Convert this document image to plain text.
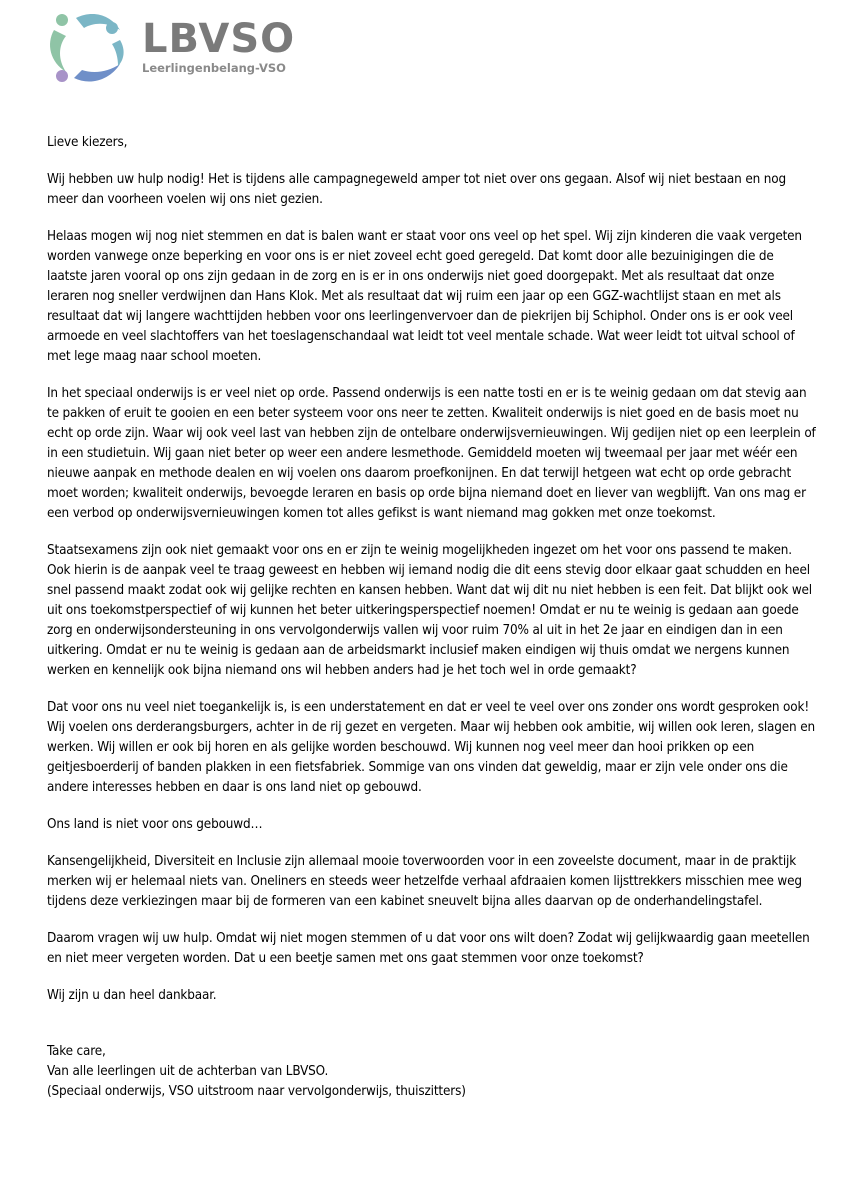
LBVSO
Leerlingenbelang-VSO

Lieve kiezers,

Wij hebben uw hulp nodig! Het is tijdens alle campagnegeweld amper tot niet over ons gegaan. Alsof wij niet bestaan en nog meer dan voorheen voelen wij ons niet gezien.

Helaas mogen wij nog niet stemmen en dat is balen want er staat voor ons veel op het spel. Wij zijn kinderen die vaak vergeten worden vanwege onze beperking en voor ons is er niet zoveel echt goed geregeld. Dat komt door alle bezuinigingen die de laatste jaren vooral op ons zijn gedaan in de zorg en is er in ons onderwijs niet goed doorgepakt. Met als resultaat dat onze leraren nog sneller verdwijnen dan Hans Klok. Met als resultaat dat wij ruim een jaar op een GGZ-wachtlijst staan en met als resultaat dat wij langere wachttijden hebben voor ons leerlingenvervoer dan de piekrijen bij Schiphol. Onder ons is er ook veel armoede en veel slachtoffers van het toeslagenschandaal wat leidt tot veel mentale schade. Wat weer leidt tot uitval school of met lege maag naar school moeten.

In het speciaal onderwijs is er veel niet op orde. Passend onderwijs is een natte tosti en er is te weinig gedaan om dat stevig aan te pakken of eruit te gooien en een beter systeem voor ons neer te zetten. Kwaliteit onderwijs is niet goed en de basis moet nu echt op orde zijn. Waar wij ook veel last van hebben zijn de ontelbare onderwijsvernieuwingen. Wij gedijen niet op een leerplein of in een studietuin. Wij gaan niet beter op weer een andere lesmethode. Gemiddeld moeten wij tweemaal per jaar met wéér een nieuwe aanpak en methode dealen en wij voelen ons daarom proefkonijnen. En dat terwijl hetgeen wat echt op orde gebracht moet worden; kwaliteit onderwijs, bevoegde leraren en basis op orde bijna niemand doet en liever van wegblijft. Van ons mag er een verbod op onderwijsvernieuwingen komen tot alles gefikst is want niemand mag gokken met onze toekomst.

Staatsexamens zijn ook niet gemaakt voor ons en er zijn te weinig mogelijkheden ingezet om het voor ons passend te maken. Ook hierin is de aanpak veel te traag geweest en hebben wij iemand nodig die dit eens stevig door elkaar gaat schudden en heel snel passend maakt zodat ook wij gelijke rechten en kansen hebben. Want dat wij dit nu niet hebben is een feit. Dat blijkt ook wel uit ons toekomstperspectief of wij kunnen het beter uitkeringsperspectief noemen! Omdat er nu te weinig is gedaan aan goede zorg en onderwijsondersteuning in ons vervolgonderwijs vallen wij voor ruim 70% al uit in het 2e jaar en eindigen dan in een uitkering. Omdat er nu te weinig is gedaan aan de arbeidsmarkt inclusief maken eindigen wij thuis omdat we nergens kunnen werken en kennelijk ook bijna niemand ons wil hebben anders had je het toch wel in orde gemaakt?

Dat voor ons nu veel niet toegankelijk is, is een understatement en dat er veel te veel over ons zonder ons wordt gesproken ook! Wij voelen ons derderangsburgers, achter in de rij gezet en vergeten. Maar wij hebben ook ambitie, wij willen ook leren, slagen en werken. Wij willen er ook bij horen en als gelijke worden beschouwd. Wij kunnen nog veel meer dan hooi prikken op een geitjesboerderij of banden plakken in een fietsfabriek. Sommige van ons vinden dat geweldig, maar er zijn vele onder ons die andere interesses hebben en daar is ons land niet op gebouwd.

Ons land is niet voor ons gebouwd…

Kansengelijkheid, Diversiteit en Inclusie zijn allemaal mooie toverwoorden voor in een zoveelste document, maar in de praktijk merken wij er helemaal niets van. Oneliners en steeds weer hetzelfde verhaal afdraaien komen lijsttrekkers misschien mee weg tijdens deze verkiezingen maar bij de formeren van een kabinet sneuvelt bijna alles daarvan op de onderhandelingstafel.

Daarom vragen wij uw hulp. Omdat wij niet mogen stemmen of u dat voor ons wilt doen? Zodat wij gelijkwaardig gaan meetellen en niet meer vergeten worden. Dat u een beetje samen met ons gaat stemmen voor onze toekomst?

Wij zijn u dan heel dankbaar.

Take care,
Van alle leerlingen uit de achterban van LBVSO.
(Speciaal onderwijs, VSO uitstroom naar vervolgonderwijs, thuiszitters)
